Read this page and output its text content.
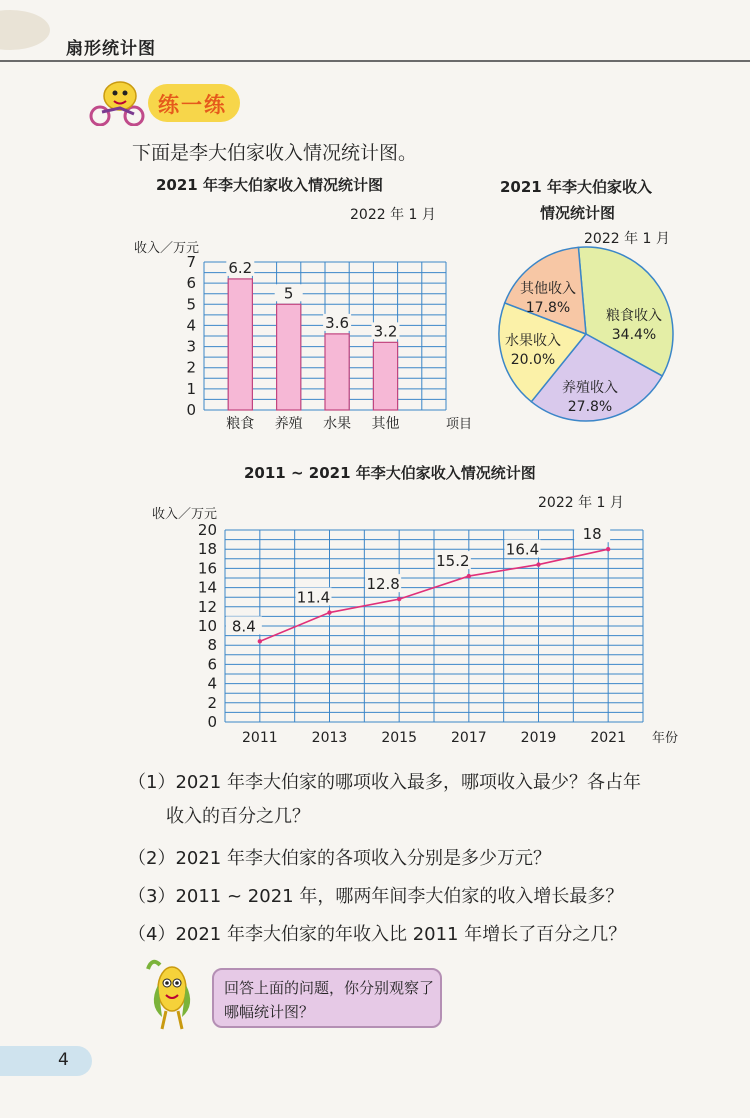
扇形统计图
练一练
下面是李大伯家收入情况统计图。
2021 年李大伯家收入情况统计图
2022 年 1 月
2021 年李大伯家收入
情况统计图
2022 年 1 月
2011 ~ 2021 年李大伯家收入情况统计图
2022 年 1 月
0
1
2
3
4
5
6
7
收入／万元
6.2
粮食
5
养殖
3.6
水果
3.2
其他	项目
粮食收入
34.4%
养殖收入
27.8%
水果收入
20.0%
其他收入
17.8%
0
2
4
6
8
10
12
14
16
18
20
收入／万元
8.4
2011
11.4
2013
12.8
2015
15.2
2017
16.4
2019
18
2021 年份
（1）2021 年李大伯家的哪项收入最多，哪项收入最少？各占年
收入的百分之几？
（2）2021 年李大伯家的各项收入分别是多少万元？
（3）2011 ~ 2021 年，哪两年间李大伯家的收入增长最多？
（4）2021 年李大伯家的年收入比 2011 年增长了百分之几？
回答上面的问题，你分别观察了哪幅统计图？
4
